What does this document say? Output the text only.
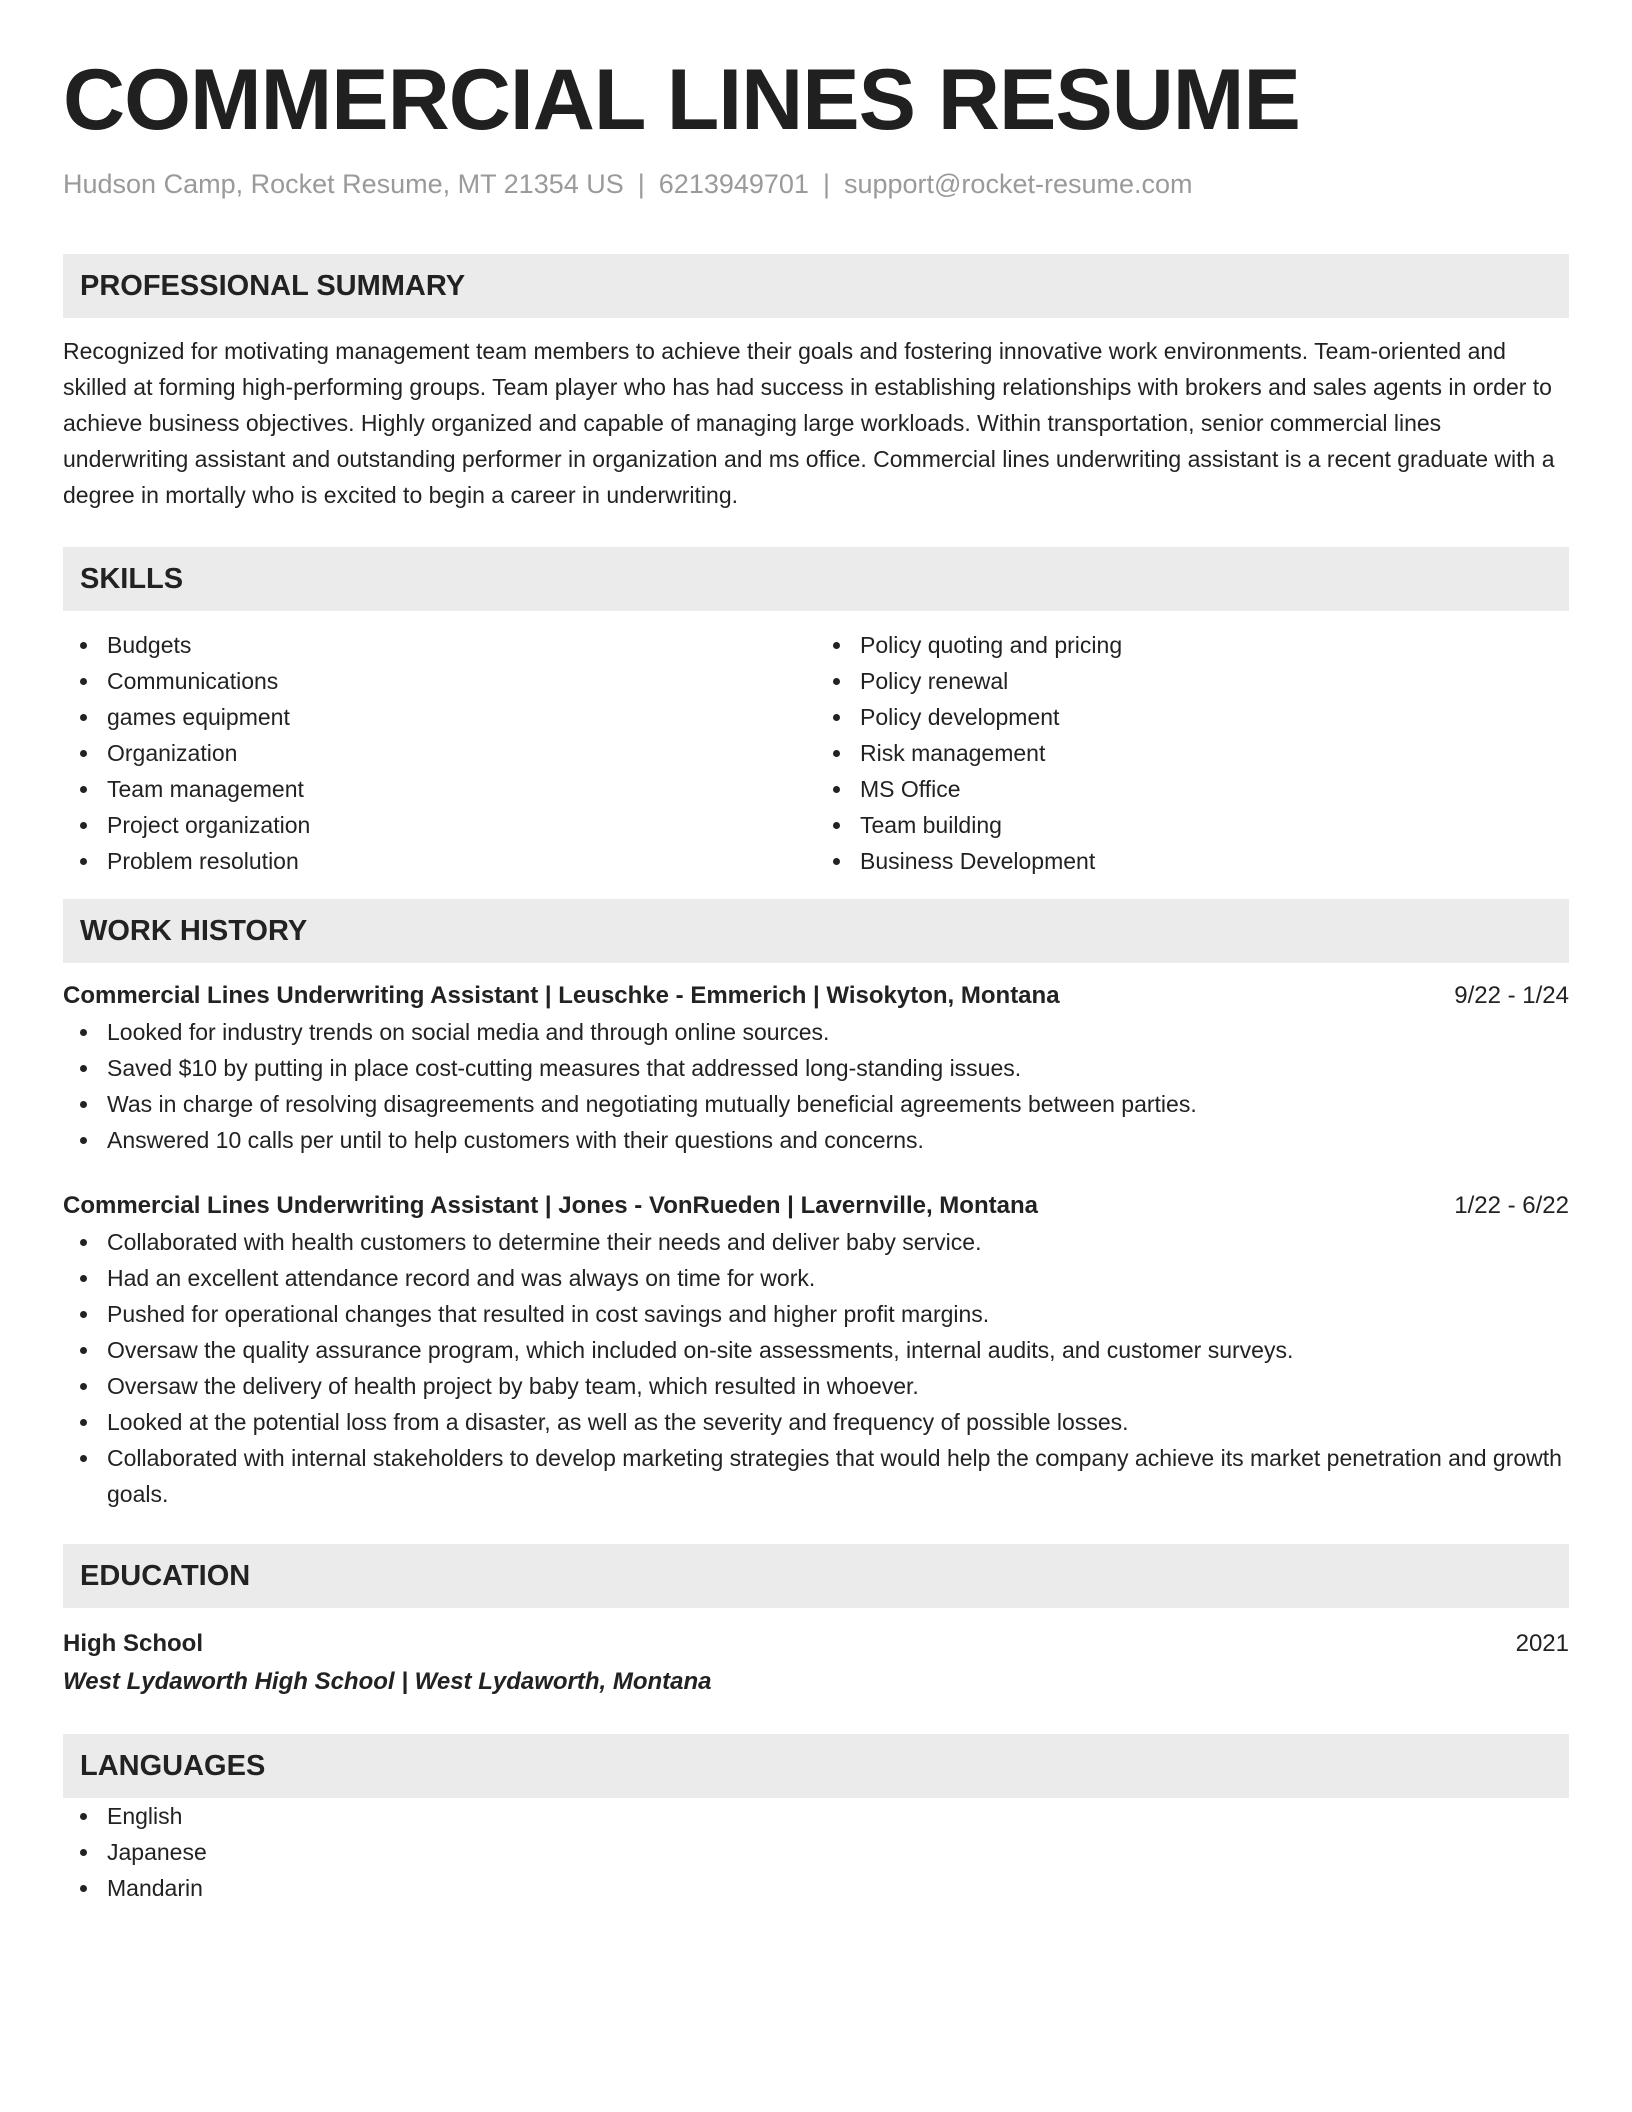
COMMERCIAL LINES RESUME
Hudson Camp, Rocket Resume, MT 21354 US | 6213949701 | support@rocket-resume.com
PROFESSIONAL SUMMARY

Recognized for motivating management team members to achieve their goals and fostering innovative work environments. Team-oriented and skilled at forming high-performing groups. Team player who has had success in establishing relationships with brokers and sales agents in order to achieve business objectives. Highly organized and capable of managing large workloads. Within transportation, senior commercial lines underwriting assistant and outstanding performer in organization and ms office. Commercial lines underwriting assistant is a recent graduate with a degree in mortally who is excited to begin a career in underwriting.

SKILLS
Budgets
Communications
games equipment
Organization
Team management
Project organization
Problem resolution
Policy quoting and pricing
Policy renewal
Policy development
Risk management
MS Office
Team building
Business Development
WORK HISTORY
Commercial Lines Underwriting Assistant | Leuschke - Emmerich | Wisokyton, Montana	9/22 - 1/24
Looked for industry trends on social media and through online sources.
Saved $10 by putting in place cost-cutting measures that addressed long-standing issues.
Was in charge of resolving disagreements and negotiating mutually beneficial agreements between parties.
Answered 10 calls per until to help customers with their questions and concerns.
Commercial Lines Underwriting Assistant | Jones - VonRueden | Lavernville, Montana	1/22 - 6/22
Collaborated with health customers to determine their needs and deliver baby service.
Had an excellent attendance record and was always on time for work.
Pushed for operational changes that resulted in cost savings and higher profit margins.
Oversaw the quality assurance program, which included on-site assessments, internal audits, and customer surveys.
Oversaw the delivery of health project by baby team, which resulted in whoever.
Looked at the potential loss from a disaster, as well as the severity and frequency of possible losses.
Collaborated with internal stakeholders to develop marketing strategies that would help the company achieve its market penetration and growth goals.
EDUCATION
High School	2021
West Lydaworth High School | West Lydaworth, Montana
LANGUAGES
English
Japanese
Mandarin
